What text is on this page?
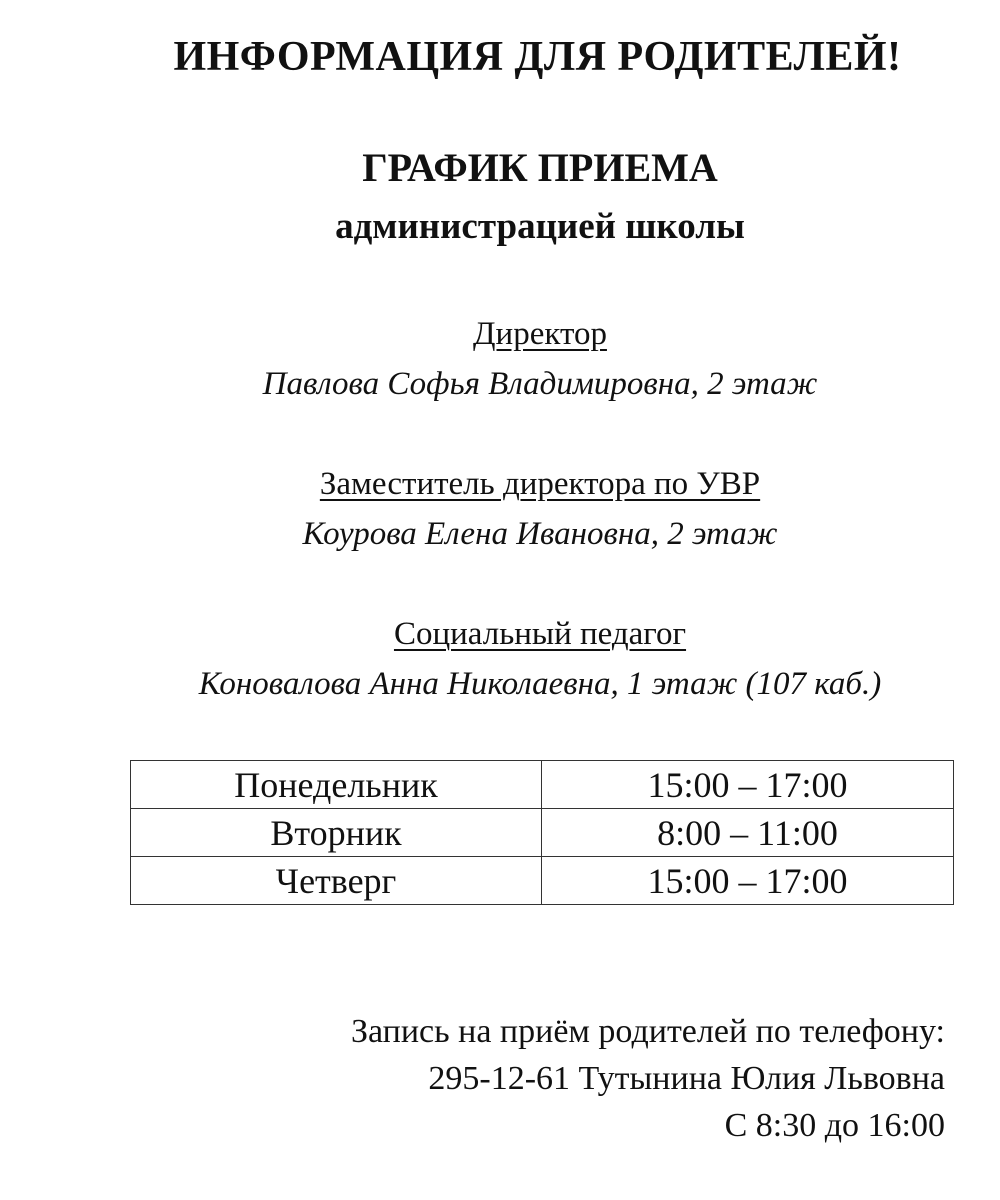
ИНФОРМАЦИЯ ДЛЯ РОДИТЕЛЕЙ!
ГРАФИК ПРИЕМА
администрацией школы
Директор
Павлова Софья Владимировна, 2 этаж
Заместитель директора по УВР
Коурова Елена Ивановна, 2 этаж
Социальный педагог
Коновалова Анна Николаевна, 1 этаж (107 каб.)
Понедельник	15:00 – 17:00
Вторник	8:00 – 11:00
Четверг	15:00 – 17:00
Запись на приём родителей по телефону:
295-12-61 Тутынина Юлия Львовна
С 8:30 до 16:00
